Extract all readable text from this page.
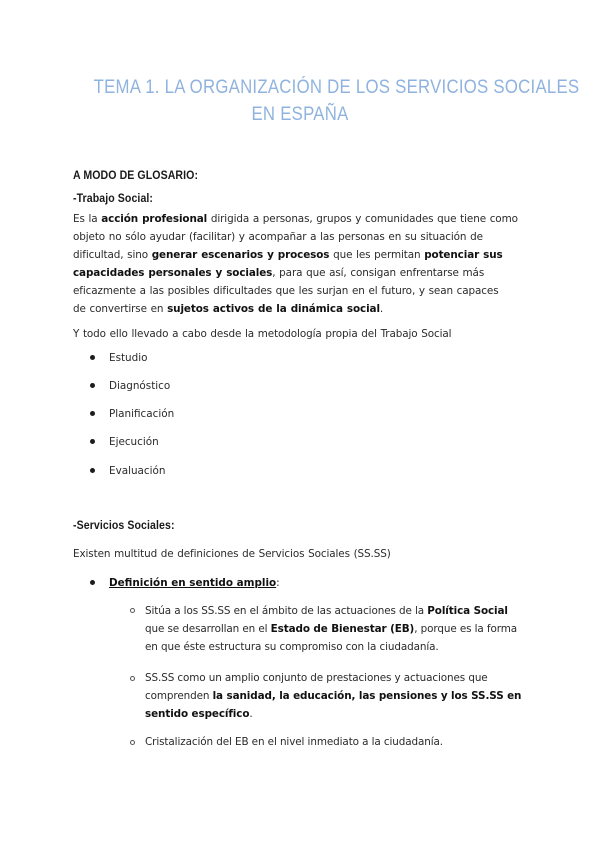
TEMA 1. LA ORGANIZACIÓN DE LOS SERVICIOS SOCIALES
EN ESPAÑA
A MODO DE GLOSARIO:
-Trabajo Social:
Es la acción profesional dirigida a personas, grupos y comunidades que tiene como
objeto no sólo ayudar (facilitar) y acompañar a las personas en su situación de
dificultad, sino generar escenarios y procesos que les permitan potenciar sus
capacidades personales y sociales, para que así, consigan enfrentarse más
eficazmente a las posibles dificultades que les surjan en el futuro, y sean capaces
de convertirse en sujetos activos de la dinámica social.
Y todo ello llevado a cabo desde la metodología propia del Trabajo Social
Estudio
Diagnóstico
Planificación
Ejecución
Evaluación
-Servicios Sociales:
Existen multitud de definiciones de Servicios Sociales (SS.SS)
Definición en sentido amplio:
Sitúa a los SS.SS en el ámbito de las actuaciones de la Política Social
que se desarrollan en el Estado de Bienestar (EB), porque es la forma
en que éste estructura su compromiso con la ciudadanía.
SS.SS como un amplio conjunto de prestaciones y actuaciones que
comprenden la sanidad, la educación, las pensiones y los SS.SS en
sentido específico.
Cristalización del EB en el nivel inmediato a la ciudadanía.
